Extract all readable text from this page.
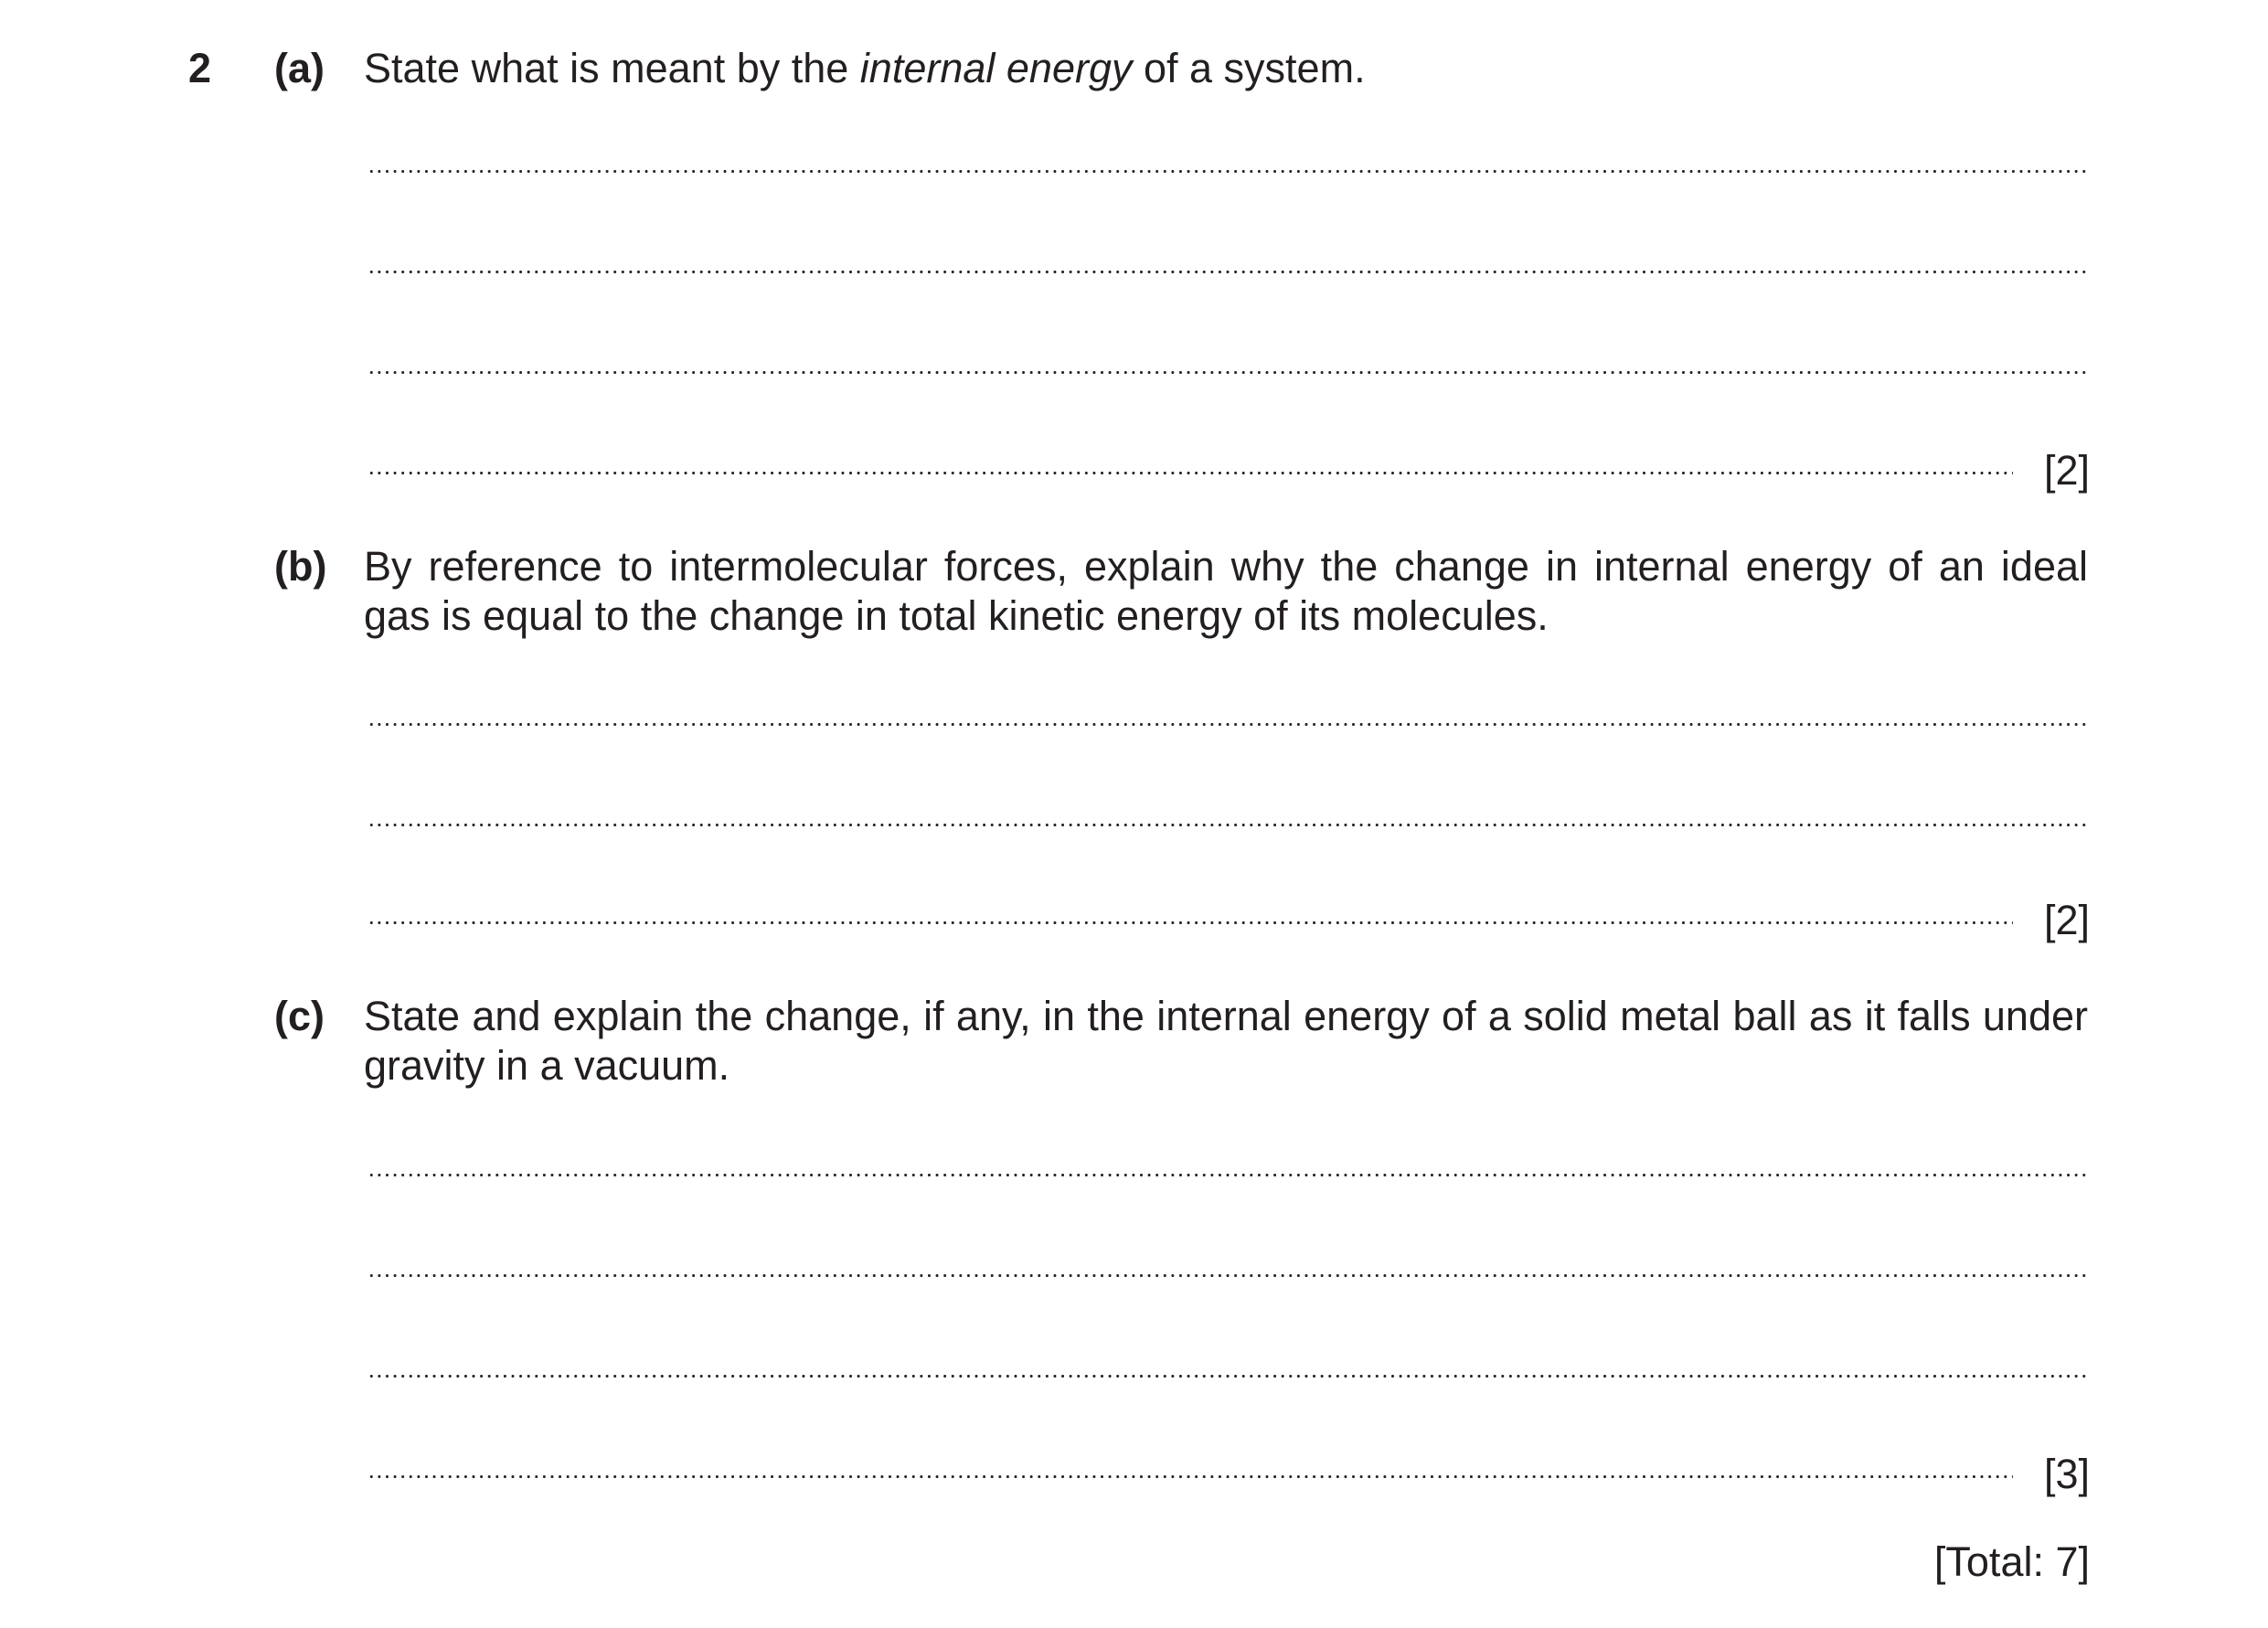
2 (a) State what is meant by the internal energy of a system.
[2]
(b) By reference to intermolecular forces, explain why the change in internal energy of an ideal gas is equal to the change in total kinetic energy of its molecules.
[2]
(c) State and explain the change, if any, in the internal energy of a solid metal ball as it falls under gravity in a vacuum.
[3]
[Total: 7]
